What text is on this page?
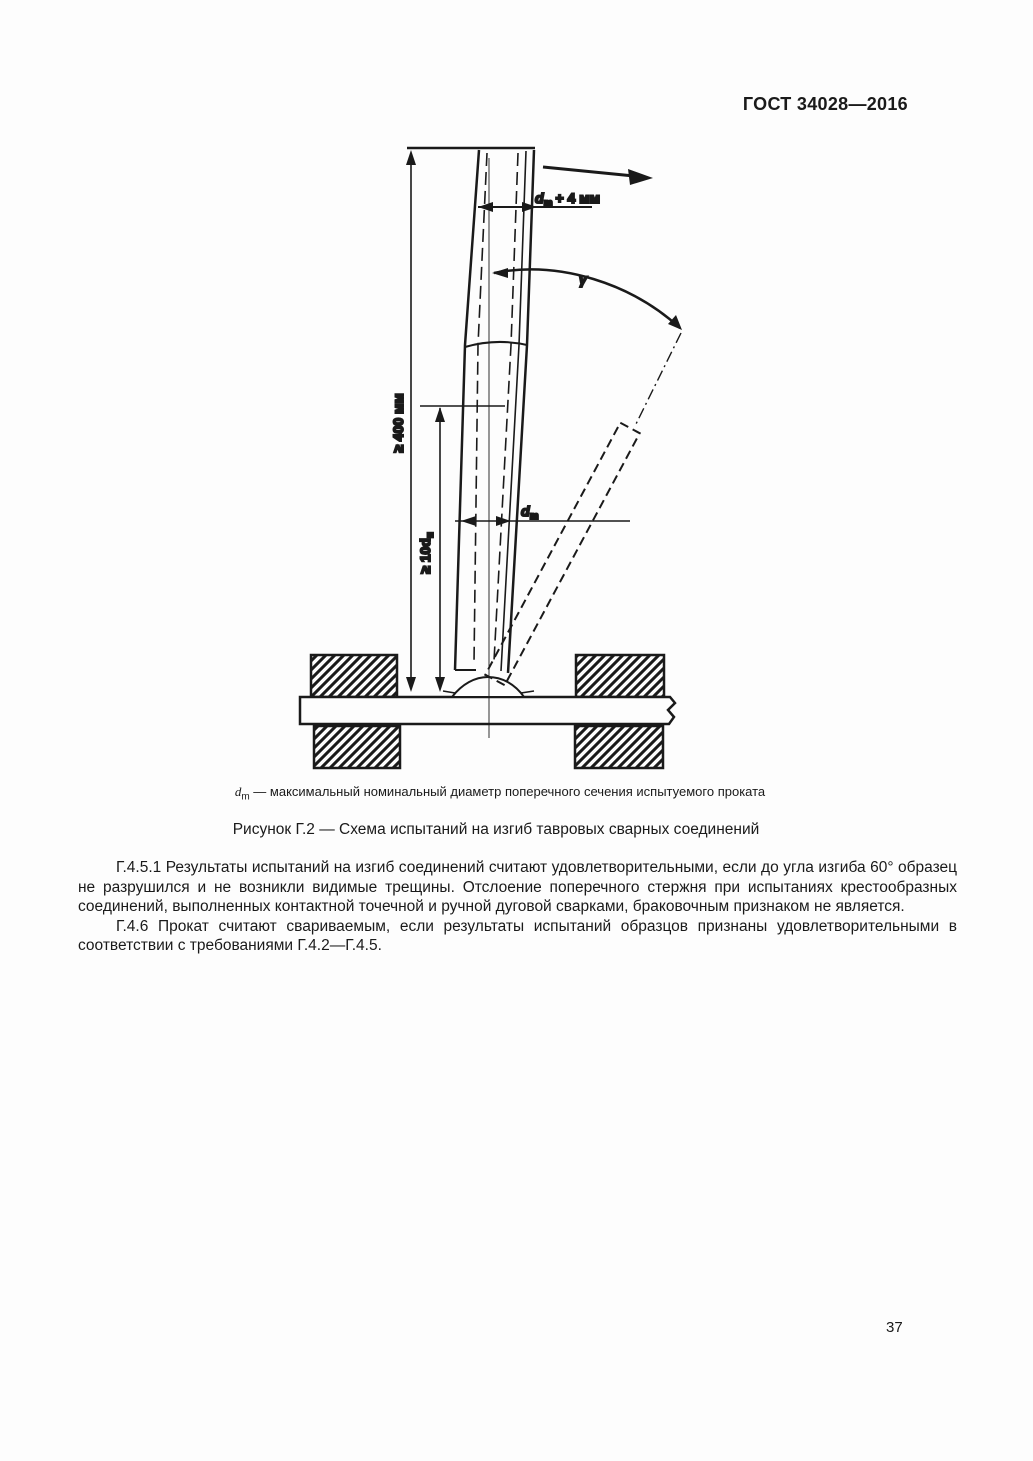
ГОСТ 34028—2016
≥ 400 мм
≥ 10dн
dm + 4 мм
dm
γ
$d_m$ — максимальный номинальный диаметр поперечного сечения испытуемого проката
Рисунок Г.2 — Схема испытаний на изгиб тавровых сварных соединений

Г.4.5.1 Результаты испытаний на изгиб соединений считают удовлетворительными, если до угла изгиба 60° образец не разрушился и не возникли видимые трещины. Отслоение поперечного стержня при испытаниях крестообразных соединений, выполненных контактной точечной и ручной дуговой сварками, браковочным признаком не является.

Г.4.6 Прокат считают свариваемым, если результаты испытаний образцов признаны удовлетворительными в соответствии с требованиями Г.4.2—Г.4.5.

37
